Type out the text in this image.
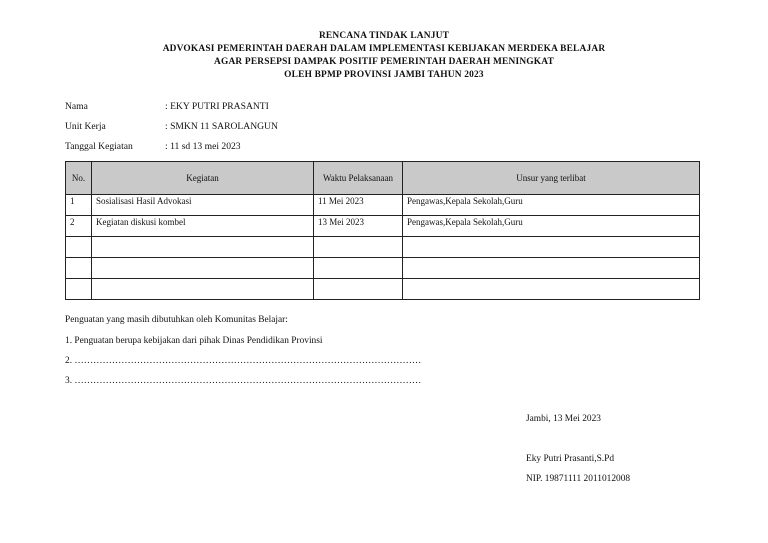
RENCANA TINDAK LANJUT
ADVOKASI PEMERINTAH DAERAH DALAM IMPLEMENTASI KEBIJAKAN MERDEKA BELAJAR
AGAR PERSEPSI DAMPAK POSITIF PEMERINTAH DAERAH MENINGKAT
OLEH BPMP PROVINSI JAMBI TAHUN 2023
Nama	: EKY PUTRI PRASANTI
Unit Kerja	: SMKN 11 SAROLANGUN
Tanggal Kegiatan	: 11 sd 13 mei 2023
No.	Kegiatan	Waktu Pelaksanaan	Unsur yang terlibat
1	Sosialisasi Hasil Advokasi	11 Mei 2023	Pengawas,Kepala Sekolah,Guru
2	Kegiatan diskusi kombel	13 Mei 2023	Pengawas,Kepala Sekolah,Guru

Penguatan yang masih dibutuhkan oleh Komunitas Belajar:
1. Penguatan berupa kebijakan dari pihak Dinas Pendidikan Provinsi
2. …………………………………………………………………………………………………
3. …………………………………………………………………………………………………
Jambi, 13 Mei 2023
Eky Putri Prasanti,S.Pd
NIP. 19871111 2011012008
